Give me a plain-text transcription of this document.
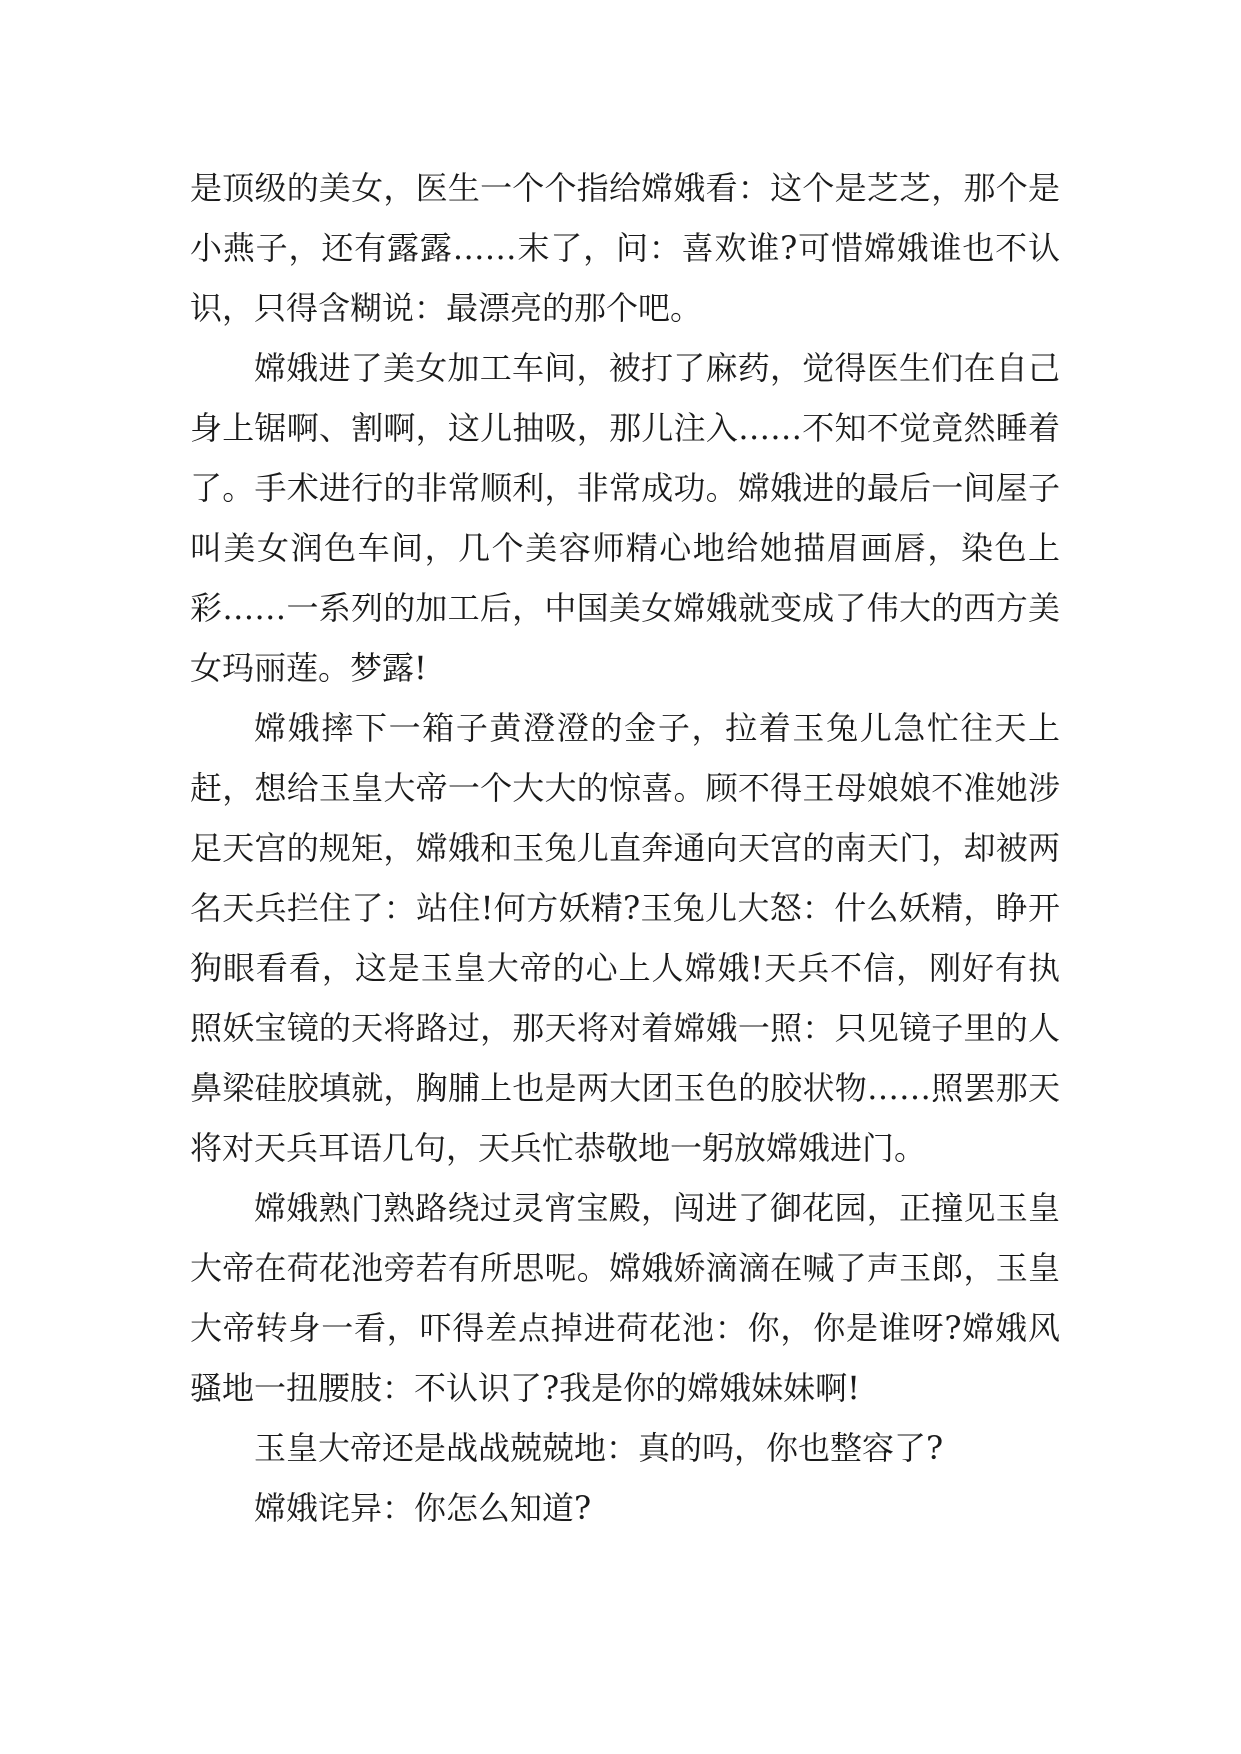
是顶级的美女，医生一个个指给嫦娥看：这个是芝芝，那个是小燕子，还有露露……末了，问：喜欢谁?可惜嫦娥谁也不认识，只得含糊说：最漂亮的那个吧。

嫦娥进了美女加工车间，被打了麻药，觉得医生们在自己身上锯啊、割啊，这儿抽吸，那儿注入……不知不觉竟然睡着了。手术进行的非常顺利，非常成功。嫦娥进的最后一间屋子叫美女润色车间，几个美容师精心地给她描眉画唇，染色上彩……一系列的加工后，中国美女嫦娥就变成了伟大的西方美女玛丽莲。梦露!

嫦娥摔下一箱子黄澄澄的金子，拉着玉兔儿急忙往天上赶，想给玉皇大帝一个大大的惊喜。顾不得王母娘娘不准她涉足天宫的规矩，嫦娥和玉兔儿直奔通向天宫的南天门，却被两名天兵拦住了：站住!何方妖精?玉兔儿大怒：什么妖精，睁开狗眼看看，这是玉皇大帝的心上人嫦娥!天兵不信，刚好有执照妖宝镜的天将路过，那天将对着嫦娥一照：只见镜子里的人鼻梁硅胶填就，胸脯上也是两大团玉色的胶状物……照罢那天将对天兵耳语几句，天兵忙恭敬地一躬放嫦娥进门。

嫦娥熟门熟路绕过灵宵宝殿，闯进了御花园，正撞见玉皇大帝在荷花池旁若有所思呢。嫦娥娇滴滴在喊了声玉郎，玉皇大帝转身一看，吓得差点掉进荷花池：你，你是谁呀?嫦娥风骚地一扭腰肢：不认识了?我是你的嫦娥妹妹啊!

玉皇大帝还是战战兢兢地：真的吗，你也整容了?

嫦娥诧异：你怎么知道?
